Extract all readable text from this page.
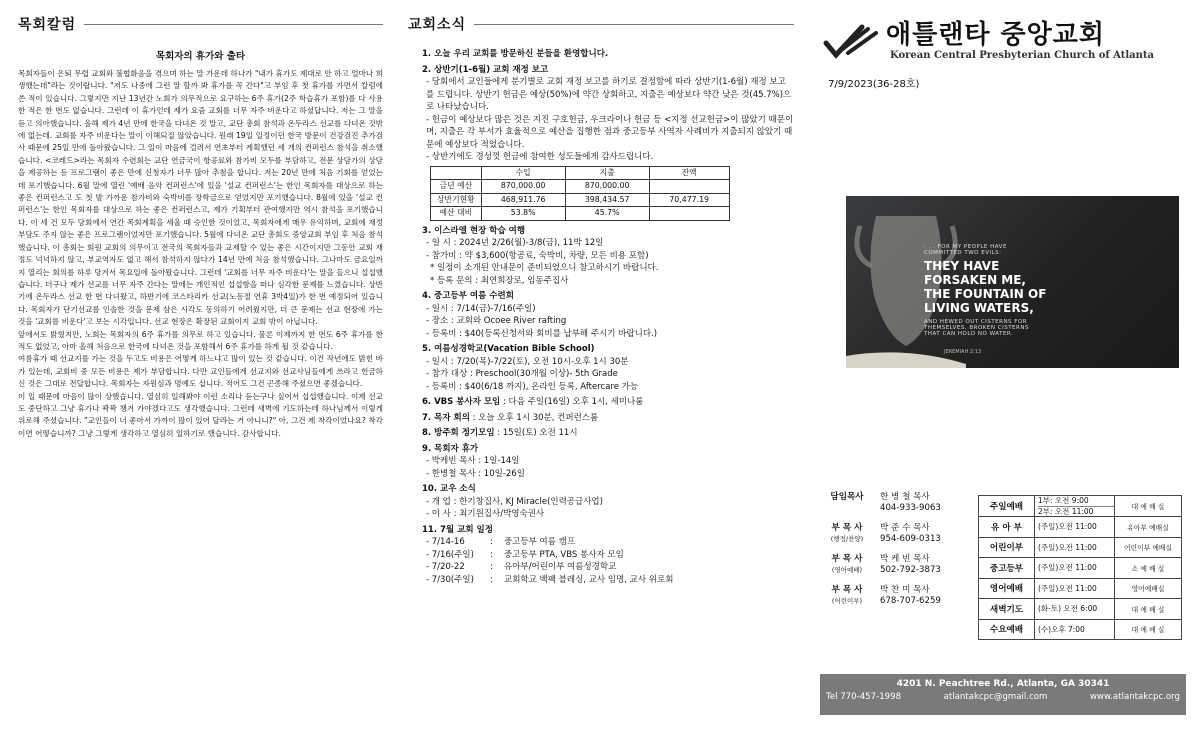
목회칼럼
목회자의 휴가와 출타

목회자들이 은퇴 무렵 교회와 불협화음을 겪으며 하는 말 가운데 하나가 "내가 휴가도 제대로 안 하고 얼마나 희생했는데"라는 것이랍니다. "저도 나중에 그런 말 할까 봐 휴가를 꼭 간다"고 부임 후 첫 휴가를 가면서 칼럼에 쓴 적이 있습니다. 그렇지만 지난 13년간 노회가 의무적으로 요구하는 6주 휴가(2주 학습휴가 포함)를 다 사용한 적은 한 번도 없습니다. 그런데 이 휴가인데 제가 요즘 교회를 너무 자주 비운다고 하셨답니다. 저는 그 말을 듣고 의아했습니다. 올해 제가 4년 만에 한국을 다녀온 것 말고, 교단 총회 참석과 온두라스 선교를 다녀온 것밖에 없는데. 교회를 자주 비운다는 말이 이해되질 않았습니다. 원래 19일 일정이던 한국 방문이 건강검진 추가검사 때문에 25일 만에 돌아왔습니다. 그 일이 마음에 걸려서 연초부터 계획했던 세 개의 컨퍼런스 참석을 취소했습니다. <코레드>라는 목회자 수련회는 교단 연금국이 항공료와 참가비 모두를 부담하고, 전문 상담가의 상담을 제공하는 등 프로그램이 좋은 만에 신청자가 너무 많아 추첨을 합니다. 저는 20년 만에 처음 기회를 얻었는데 포기했습니다. 6월 말에 열린 '예배 음악 컨퍼런스'에 있을 '설교 컨퍼런스'는 한인 목회자를 대상으로 하는 좋은 컨퍼런스고 도 첫 발 가까운 참가비와 숙박비를 장학금으로 얻었지만 포기했습니다. 8월에 있을 '설교 컨퍼런스'는 한인 목회자를 대상으로 하는 좋은 컨퍼런스고, 제가 기획부터 관여했지만 역시 참석을 포기했습니다. 이 세 건 모두 당회에서 연간 목회계획을 세울 때 승인한 것이었고, 목회자에게 매우 유익하며, 교회에 재정 부담도 주지 않는 좋은 프로그램이었지만 포기했습니다. 5월에 다녀온 교단 총회도 중앙교회 부임 후 처음 참석했습니다. 이 총회는 회원 교회의 의무이고 전국의 목회자들과 교제할 수 있는 좋은 시간이지만 그동안 교회 재정도 넉넉하지 않고, 부교역자도 없고 해서 참석하지 않다가 14년 만에 처음 참석했습니다. 그나마도 금요일까지 열리는 회의를 하루 당겨서 목요일에 돌아왔습니다. 그런데 '교회를 너무 자주 비운다'는 말을 들으니 섭섭했습니다. 더구나 제가 선교를 너무 자주 간다는 말에는 개인적인 섭섭함을 떠나 심각한 문제를 느꼈습니다. 상반기에 온두라스 선교 한 번 다녀왔고, 하반기에 코스타리카 선교(노동절 연휴 3박4일)가 한 번 예정되어 있습니다. 목회자가 단기선교를 인솔한 것을 문제 삼은 시각도 동의하기 어려웠지만, 더 큰 문제는 선교 현장에 가는 것을 '교회를 비운다'고 보는 시각입니다. 선교 현장은 확장된 교회이지 교회 밖이 아닙니다.

앞에서도 밝혔지만, 노회는 목회자의 6주 휴가를 의무로 하고 있습니다. 물론 이제까지 한 번도 6주 휴가를 한 적도 없었고, 아마 올해 처음으로 한국에 다녀온 것을 포함해서 6주 휴가를 하게 될 것 같습니다.

여름휴가 때 선교지를 가는 것을 두고도 비용은 어떻게 하느냐고 많이 있는 것 같습니다. 이건 작년에도 밝힌 바가 있는데, 교회비 중 모든 비용은 제가 부담합니다. 다만 교인들에게 선교지와 선교사님들에게 쓰라고 헌금하신 것은 그대로 전달합니다. 목회자는 자원심과 명예도 삽니다. 적어도 그건 곤종해 주셨으면 좋겠습니다.

이 일 때문에 마음이 많이 상했습니다. 열심히 일해봐야 이런 소리나 듣는구나 싶어서 섭섭했습니다. 이제 선교도 중단하고 그냥 휴가나 꽉꽉 챙겨 가야겠다고도 생각했습니다. 그런데 새벽에 기도하는데 하나님께서 이렇게 위로해 주셨습니다. "교인들이 너 좋아서 가까이 많이 있어 달라는 거 아니니?" 아, 그건 제 착각이었나요? 착각이면 어떻습니까? 그냥 그렇게 생각하고 열심히 일하기로 했습니다. 감사합니다.

교회소식
1. 오늘 우리 교회를 방문하신 분들을 환영합니다.
2. 상반기(1-6월) 교회 재정 보고
- 당회에서 교인들에게 분기별로 교회 재정 보고를 하기로 결정함에 따라 상반기(1-6월) 재정 보고를 드립니다. 상반기 헌금은 예상(50%)에 약간 상회하고, 지출은 예상보다 약간 낮은 것(45.7%)으로 나타났습니다.
- 헌금이 예상보다 많은 것은 지진 구호헌금, 우크라이나 헌금 등 <지정 선교헌금>이 많았기 때문이며, 지출은 각 부서가 효율적으로 예산을 집행한 점과 중고등부 사역자 사례비가 지출되지 않았기 때문에 예상보다 적었습니다.
- 상반기에도 경성껏 헌금에 참여한 성도들에게 감사드립니다.
	수입	지출	잔액
금년 예산	870,000.00	870,000.00	
상반기현황	468,911.76	398,434.57	70,477.19
예산 대비	53.8%	45.7%	
3. 이스라엘 현장 학습 여행
- 일 시 : 2024년 2/26(월)-3/8(금), 11박 12일
- 참가비 : 약 $3,600(항공료, 숙박비, 차량, 모든 비용 포함)
* 일정이 소개된 안내문이 준비되었으니 참고하시기 바랍니다.
* 등록 문의 : 최연희장로, 임동주집사
4. 중고등부 여름 수련회
- 일시 : 7/14(금)-7/16(주일)
- 장소 : 교회와 Ocoee River rafting
- 등록비 : $40(등록신청서와 회비를 납부해 주시기 바랍니다.)
5. 여름성경학교(Vacation Bible School)
- 일시 : 7/20(목)-7/22(토), 오전 10시-오후 1시 30분
- 참가 대상 : Preschool(30개월 이상)- 5th Grade
- 등록비 : $40(6/18 까지), 온라인 등록, Aftercare 가능
6. VBS 봉사자 모임 : 다음 주일(16일) 오후 1시, 세미나룸
7. 목자 회의 : 오늘 오후 1시 30분, 컨퍼런스룸
8. 방주회 정기모임 : 15일(토) 오전 11시
9. 목회자 휴가
- 박케빈 목사 : 1일-14일
- 한병철 목사 : 10일-26일
10. 교우 소식
- 개 업 : 한기창집사, KJ Miracle(인력공급사업)
- 이 사 : 최기원집사/박영숙권사
11. 7월 교회 일정
- 7/14-16	:	중고등부 여름 캠프
- 7/16(주일)	:	중고등부 PTA, VBS 봉사자 모임
- 7/20-22	:	유아부/어린이부 여름성경학교
- 7/30(주일)	:	교회학교 백팩 블레싱, 교사 임명, 교사 위로회
애틀랜타 중앙교회
Korean Central Presbyterian Church of Atlanta
7/9/2023(36-28호)
. . . FOR MY PEOPLE HAVE
COMMITTED TWO EVILS:
THEY HAVE
FORSAKEN ME,
THE FOUNTAIN OF
LIVING WATERS,
AND HEWED OUT CISTERNS FOR
THEMSELVES, BROKEN CISTERNS
THAT CAN HOLD NO WATER.
JEREMIAH 2:13
담임목사	한 병 철 목사
404-933-9063
부 목 사
(행정/찬양)
박 준 수 목사
954-609-0313
부 목 사
(영어예배)
박 케 빈 목사
502-792-3873
부 목 사
(어린이부)
박 찬 미 목사
678-707-6259
주일예배	1부: 오전 9:00
2부: 오전 11:00	대 예 배 실
유 아 부	(주일)오전 11:00	유아부 예배실
어린이부	(주일)오전 11:00	어린이부 예배실
중고등부	(주일)오전 11:00	소 예 배 실
영어예배	(주일)오전 11:00	영어예배실
새벽기도	(화-토) 오전 6:00	대 예 배 실
수요예배	(수)오후 7:00	대 예 배 실
4201 N. Peachtree Rd., Atlanta, GA 30341
Tel 770-457-1998	atlantakcpc@gmail.com	www.atlantakcpc.org
